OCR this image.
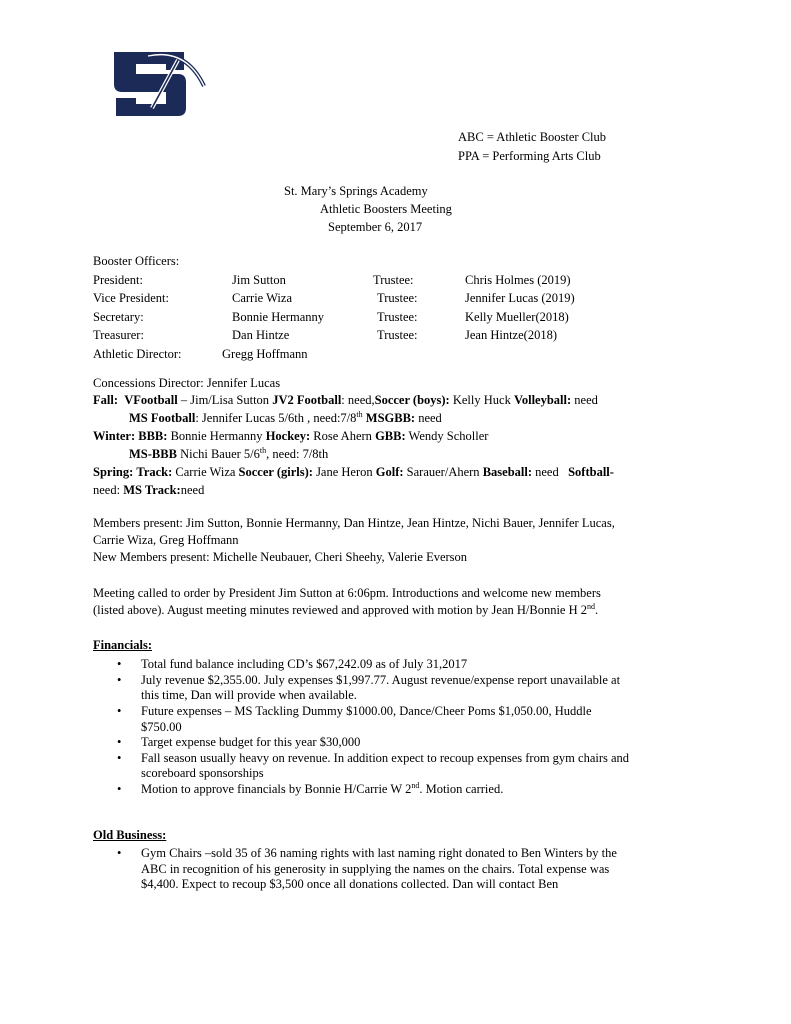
ABC = Athletic Booster Club
PPA = Performing Arts Club
St. Mary’s Springs Academy
Athletic Boosters Meeting
September 6, 2017
Booster Officers:
President:	Jim Sutton	Trustee:	Chris Holmes (2019)
Vice President:	Carrie Wiza	Trustee:	Jennifer Lucas (2019)
Secretary:	Bonnie Hermanny	Trustee:	Kelly Mueller(2018)
Treasurer:	Dan Hintze	Trustee:	Jean Hintze(2018)
Athletic Director:	Gregg Hoffmann
Concessions Director: Jennifer Lucas
Fall: VFootball – Jim/Lisa Sutton JV2 Football: need,Soccer (boys): Kelly Huck Volleyball: need
MS Football: Jennifer Lucas 5/6th , need:7/8th MSGBB: need
Winter: BBB: Bonnie Hermanny Hockey: Rose Ahern GBB: Wendy Scholler
MS-BBB Nichi Bauer 5/6th, need: 7/8th
Spring: Track: Carrie Wiza Soccer (girls): Jane Heron Golf: Sarauer/Ahern Baseball: need   Softball-
need: MS Track:need
Members present: Jim Sutton, Bonnie Hermanny, Dan Hintze, Jean Hintze, Nichi Bauer, Jennifer Lucas,
Carrie Wiza, Greg Hoffmann
New Members present: Michelle Neubauer, Cheri Sheehy, Valerie Everson
Meeting called to order by President Jim Sutton at 6:06pm. Introductions and welcome new members
(listed above). August meeting minutes reviewed and approved with motion by Jean H/Bonnie H 2nd.
Financials:
• Total fund balance including CD’s $67,242.09 as of July 31,2017
• July revenue $2,355.00. July expenses $1,997.77. August revenue/expense report unavailable at
this time, Dan will provide when available.
• Future expenses – MS Tackling Dummy $1000.00, Dance/Cheer Poms $1,050.00, Huddle
$750.00
• Target expense budget for this year $30,000
• Fall season usually heavy on revenue. In addition expect to recoup expenses from gym chairs and
scoreboard sponsorships
• Motion to approve financials by Bonnie H/Carrie W 2nd. Motion carried.
Old Business:
• Gym Chairs –sold 35 of 36 naming rights with last naming right donated to Ben Winters by the
ABC in recognition of his generosity in supplying the names on the chairs. Total expense was
$4,400. Expect to recoup $3,500 once all donations collected. Dan will contact Ben
